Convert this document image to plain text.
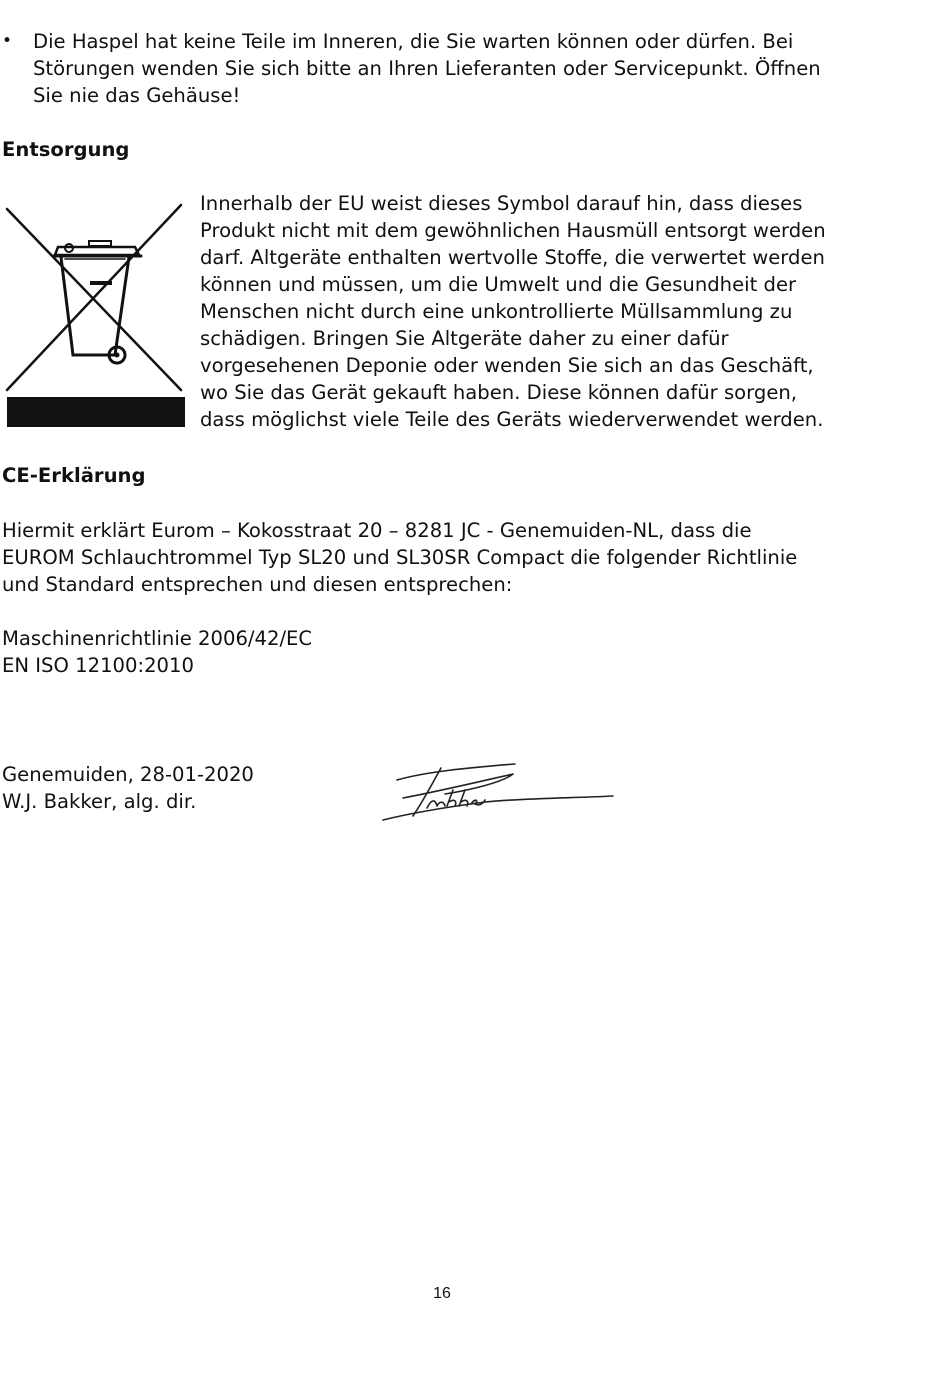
•	Die Haspel hat keine Teile im Inneren, die Sie warten können oder dürfen. Bei
Störungen wenden Sie sich bitte an Ihren Lieferanten oder Servicepunkt. Öffnen
Sie nie das Gehäuse!
Entsorgung
Innerhalb der EU weist dieses Symbol darauf hin, dass dieses
Produkt nicht mit dem gewöhnlichen Hausmüll entsorgt werden
darf. Altgeräte enthalten wertvolle Stoffe, die verwertet werden
können und müssen, um die Umwelt und die Gesundheit der
Menschen nicht durch eine unkontrollierte Müllsammlung zu
schädigen. Bringen Sie Altgeräte daher zu einer dafür
vorgesehenen Deponie oder wenden Sie sich an das Geschäft,
wo Sie das Gerät gekauft haben. Diese können dafür sorgen,
dass möglichst viele Teile des Geräts wiederverwendet werden.
CE-Erklärung
Hiermit erklärt Eurom – Kokosstraat 20 – 8281 JC - Genemuiden-NL, dass die
EUROM Schlauchtrommel Typ SL20 und SL30SR Compact die folgender Richtlinie
und Standard entsprechen und diesen entsprechen:
Maschinenrichtlinie 2006/42/EC
EN ISO 12100:2010
Genemuiden, 28-01-2020
W.J. Bakker, alg. dir.
16
